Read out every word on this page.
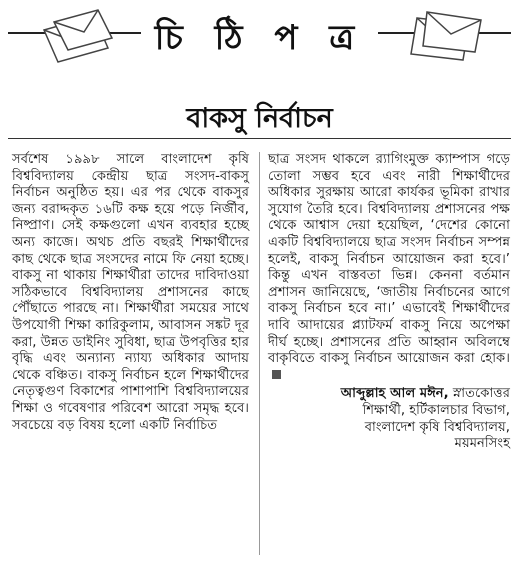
চি ঠি প ত্র
বাকসু নির্বাচন

সর্বশেষ ১৯৯৮ সালে বাংলাদেশ কৃষি বিশ্ববিদ্যালয় কেন্দ্রীয় ছাত্র সংসদ-বাকসু নির্বাচন অনুষ্ঠিত হয়। এর পর থেকে বাকসুর জন্য বরাদ্দকৃত ১৬টি কক্ষ হয়ে পড়ে নির্জীব, নিষ্প্রাণ। সেই কক্ষগুলো এখন ব্যবহার হচ্ছে অন্য কাজে। অথচ প্রতি বছরই শিক্ষার্থীদের কাছ থেকে ছাত্র সংসদের নামে ফি নেয়া হচ্ছে। বাকসু না থাকায় শিক্ষার্থীরা তাদের দাবিদাওয়া সঠিকভাবে বিশ্ববিদ্যালয় প্রশাসনের কাছে পৌঁছাতে পারছে না। শিক্ষার্থীরা সময়ের সাথে উপযোগী শিক্ষা কারিকুলাম, আবাসন সঙ্কট দূর করা, উন্নত ডাইনিং সুবিধা, ছাত্র উপবৃত্তির হার বৃদ্ধি এবং অন্যান্য ন্যায্য অধিকার আদায় থেকে বঞ্চিত। বাকসু নির্বাচন হলে শিক্ষার্থীদের নেতৃত্বগুণ বিকাশের পাশাপাশি বিশ্ববিদ্যালয়ের শিক্ষা ও গবেষণার পরিবেশ আরো সমৃদ্ধ হবে। সবচেয়ে বড় বিষয় হলো একটি নির্বাচিত

ছাত্র সংসদ থাকলে র‍্যাগিংমুক্ত ক্যাম্পাস গড়ে তোলা সম্ভব হবে এবং নারী শিক্ষার্থীদের অধিকার সুরক্ষায় আরো কার্যকর ভূমিকা রাখার সুযোগ তৈরি হবে। বিশ্ববিদ্যালয় প্রশাসনের পক্ষ থেকে আশ্বাস দেয়া হয়েছিল, ‘দেশের কোনো একটি বিশ্ববিদ্যালয়ে ছাত্র সংসদ নির্বাচন সম্পন্ন হলেই, বাকসু নির্বাচন আয়োজন করা হবে।’ কিন্তু এখন বাস্তবতা ভিন্ন। কেননা বর্তমান প্রশাসন জানিয়েছে, ‘জাতীয় নির্বাচনের আগে বাকসু নির্বাচন হবে না।’ এভাবেই শিক্ষার্থীদের দাবি আদায়ের প্ল্যাটফর্ম বাকসু নিয়ে অপেক্ষা দীর্ঘ হচ্ছে। প্রশাসনের প্রতি আহ্বান অবিলম্বে বাকৃবিতে বাকসু নির্বাচন আয়োজন করা হোক।

আব্দুল্লাহ আল মঈন, স্নাতকোত্তর
শিক্ষার্থী, হর্টিকালচার বিভাগ,
বাংলাদেশ কৃষি বিশ্ববিদ্যালয়,
ময়মনসিংহ
